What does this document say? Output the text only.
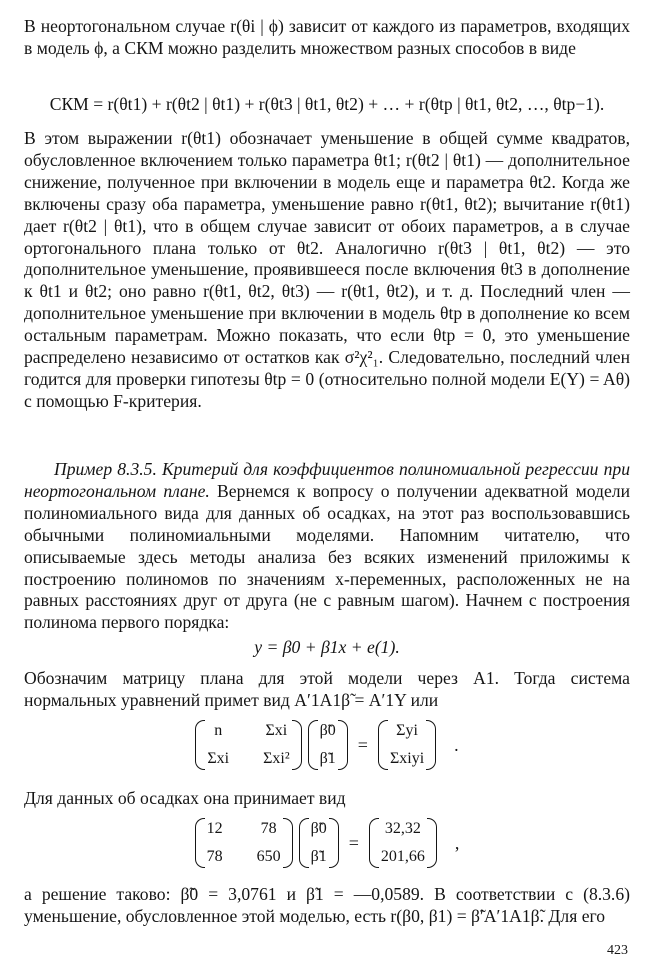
В неортогональном случае r(θi | ϕ) зависит от каждого из параметров, входящих в модель ϕ, а СКМ можно разделить множеством разных способов в виде

СКМ = r(θt1) + r(θt2 | θt1) + r(θt3 | θt1, θt2) + … + r(θtp | θt1, θt2, …, θtp−1).

В этом выражении r(θt1) обозначает уменьшение в общей сумме квадратов, обусловленное включением только параметра θt1; r(θt2 | θt1) — дополнительное снижение, полученное при включении в модель еще и параметра θt2. Когда же включены сразу оба параметра, уменьшение равно r(θt1, θt2); вычитание r(θt1) дает r(θt2 | θt1), что в общем случае зависит от обоих параметров, а в случае ортогонального плана только от θt2. Аналогично r(θt3 | θt1, θt2) — это дополнительное уменьшение, проявившееся после включения θt3 в дополнение к θt1 и θt2; оно равно r(θt1, θt2, θt3) — r(θt1, θt2), и т. д. Последний член — дополнительное уменьшение при включении в модель θtp в дополнение ко всем остальным параметрам. Можно показать, что если θtp = 0, это уменьшение распределено независимо от остатков как σ²χ²₁. Следовательно, последний член годится для проверки гипотезы θtp = 0 (относительно полной модели E(Y) = Aθ) с помощью F-критерия.

Пример 8.3.5. Критерий для коэффициентов полиномиальной регрессии при неортогональном плане. Вернемся к вопросу о получении адекватной модели полиномиального вида для данных об осадках, на этот раз воспользовавшись обычными полиномиальными моделями. Напомним читателю, что описываемые здесь методы анализа без всяких изменений приложимы к построению полиномов по значениям x-переменных, расположенных не на равных расстояниях друг от друга (не с равным шагом). Начнем с построения полинома первого порядка:

y = β0 + β1x + e(1).

Обозначим матрицу плана для этой модели через A1. Тогда система нормальных уравнений примет вид A′1A1β̃ = A′1Y или

n	Σxi
Σxi Σxi²
β̃0
β̃1
=
Σyi
Σxiyi
.

Для данных об осадках она принимает вид

12 78
78 650
β̃0
β̃1
=
32,32
201,66
,

а решение таково: β̃0 = 3,0761 и β̃1 = —0,0589. В соответствии с (8.3.6) уменьшение, обусловленное этой моделью, есть r(β0, β1) = β̃′A′1A1β̃. Для его

423
